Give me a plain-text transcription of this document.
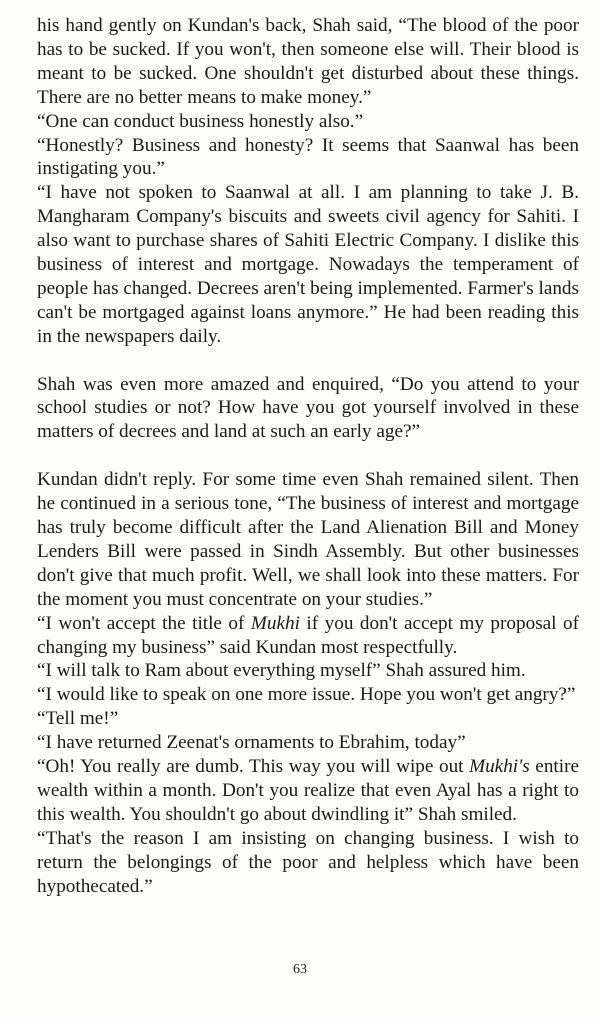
his hand gently on Kundan's back, Shah said, “The blood of the poor has to be sucked. If you won't, then someone else will. Their blood is meant to be sucked. One shouldn't get disturbed about these things. There are no better means to make money.”

“One can conduct business honestly also.”

“Honestly? Business and honesty? It seems that Saanwal has been instigating you.”

“I have not spoken to Saanwal at all. I am planning to take J. B. Mangharam Company's biscuits and sweets civil agency for Sahiti. I also want to purchase shares of Sahiti Electric Company. I dislike this business of interest and mortgage. Nowadays the temperament of people has changed. Decrees aren't being implemented. Farmer's lands can't be mortgaged against loans anymore.” He had been reading this in the newspapers daily.

Shah was even more amazed and enquired, “Do you attend to your school studies or not? How have you got yourself involved in these matters of decrees and land at such an early age?”

Kundan didn't reply. For some time even Shah remained silent. Then he continued in a serious tone, “The business of interest and mortgage has truly become difficult after the Land Alienation Bill and Money Lenders Bill were passed in Sindh Assembly. But other businesses don't give that much profit. Well, we shall look into these matters. For the moment you must concentrate on your studies.”

“I won't accept the title of Mukhi if you don't accept my proposal of changing my business” said Kundan most respectfully.

“I will talk to Ram about everything myself” Shah assured him.

“I would like to speak on one more issue. Hope you won't get angry?”

“Tell me!”

“I have returned Zeenat's ornaments to Ebrahim, today”

“Oh! You really are dumb. This way you will wipe out Mukhi's entire wealth within a month. Don't you realize that even Ayal has a right to this wealth. You shouldn't go about dwindling it” Shah smiled.

“That's the reason I am insisting on changing business. I wish to return the belongings of the poor and helpless which have been hypothecated.”

63
